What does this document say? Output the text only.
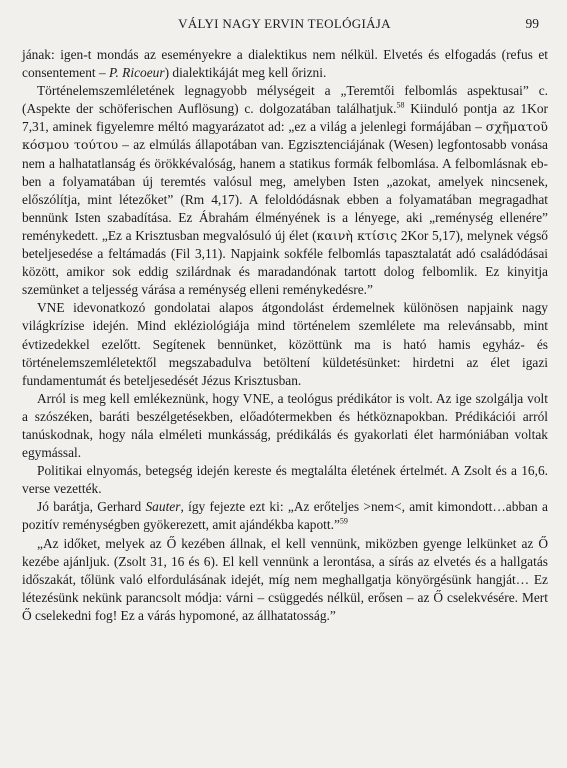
VÁLYI NAGY ERVIN TEOLÓGIÁJA	99

jának: igen-t mondás az eseményekre a dialektikus nem nélkül. Elvetés és elfogadás (refus et consentement – P. Ricoeur) dialektikáját meg kell őrizni.

Történelemszemléletének legnagyobb mélységeit a „Teremtői felbomlás aspektusai” c. (Aspekte der schöferischen Auflösung) c. dolgozatában találhatjuk.$^{58}$ Kiinduló pontja az 1Kor 7,31, aminek figyelemre méltó magyarázatot ad: „ez a világ a jelenlegi formájában – σχῆματοῦ κόσμου τούτου – az elmúlás állapotában van. Egzisztenciájának (Wesen) legfontosabb vonása nem a halhatatlanság és örökkévalóság, hanem a statikus formák felbomlása. A felbomlásnak ebben a folyamatában új teremtés valósul meg, amelyben Isten „azokat, amelyek nincsenek, előszólítja, mint létezőket” (Rm 4,17). A feloldódásnak ebben a folyamatában megragadhat bennünk Isten szabadítása. Ez Ábrahám élményének is a lényege, aki „reménység ellenére” reménykedett. „Ez a Krisztusban megvalósuló új élet (καινὴ κτίσις 2Kor 5,17), melynek végső beteljesedése a feltámadás (Fil 3,11). Napjaink sokféle felbomlás tapasztalatát adó családódásai között, amikor sok eddig szilárdnak és maradandónak tartott dolog felbomlik. Ez kinyitja szemünket a teljesség várása a reménység elleni reménykedésre.”

VNE idevonatkozó gondolatai alapos átgondolást érdemelnek különösen napjaink nagy világkrízise idején. Mind ekléziológiája mind történelem szemlélete ma relevánsabb, mint évtizedekkel ezelőtt. Segítenek bennünket, közöttünk ma is ható hamis egyház- és történelemszemléletektől megszabadulva betöltení küldetésünket: hirdetni az élet igazi fundamentumát és beteljesedését Jézus Krisztusban.

Arról is meg kell emlékeznünk, hogy VNE, a teológus prédikátor is volt. Az ige szolgálja volt a szószéken, baráti beszélgetésekben, előadótermekben és hétköznapokban. Prédikációi arról tanúskodnak, hogy nála elméleti munkásság, prédikálás és gyakorlati élet harmóniában voltak egymással.

Politikai elnyomás, betegség idején kereste és megtalálta életének értelmét. A Zsolt és a 16,6. verse vezették.

Jó barátja, Gerhard Sauter, így fejezte ezt ki: „Az erőteljes >nem<, amit kimondott…abban a pozitív reménységben gyökerezett, amit ajándékba kapott.”$^{59}$

„Az időket, melyek az Ő kezében állnak, el kell vennünk, miközben gyenge lelkünket az Ő kezébe ajánljuk. (Zsolt 31, 16 és 6). El kell vennünk a lerontása, a sírás az elvetés és a hallgatás időszakát, tőlünk való elfordulásának idejét, míg nem meghallgatja könyörgésünk hangját… Ez létezésünk nekünk parancsolt módja: várni – csüggedés nélkül, erősen – az Ő cselekvésére. Mert Ő cselekedni fog! Ez a várás hypomoné, az állhatatosság.”
